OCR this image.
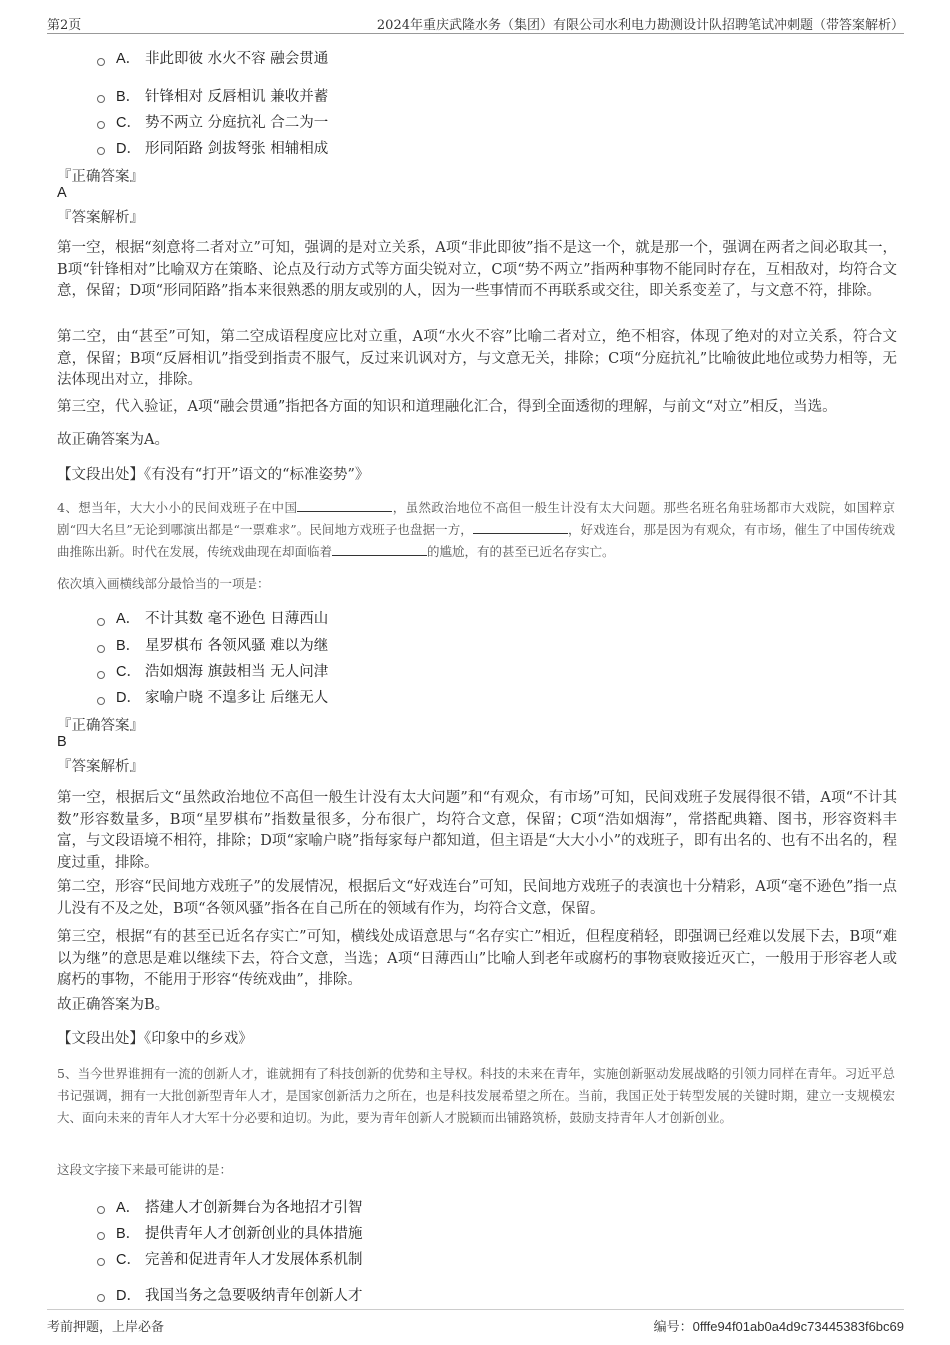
第2页	2024年重庆武隆水务（集团）有限公司水利电力勘测设计队招聘笔试冲刺题（带答案解析）
A． 非此即彼 水火不容 融会贯通
B． 针锋相对 反唇相讥 兼收并蓄
C． 势不两立 分庭抗礼 合二为一
D． 形同陌路 剑拔弩张 相辅相成
『正确答案』
A
『答案解析』
第一空，根据“刻意将二者对立”可知，强调的是对立关系，A项“非此即彼”指不是这一个，就是那一个，强调在两者之间必取其一，B项“针锋相对”比喻双方在策略、论点及行动方式等方面尖锐对立，C项“势不两立”指两种事物不能同时存在，互相敌对，均符合文意，保留；D项“形同陌路”指本来很熟悉的朋友或别的人，因为一些事情而不再联系或交往，即关系变差了，与文意不符，排除。
第二空，由“甚至”可知，第二空成语程度应比对立重，A项“水火不容”比喻二者对立，绝不相容，体现了绝对的对立关系，符合文意，保留；B项“反唇相讥”指受到指责不服气，反过来讥讽对方，与文意无关，排除；C项“分庭抗礼”比喻彼此地位或势力相等，无法体现出对立，排除。
第三空，代入验证，A项“融会贯通”指把各方面的知识和道理融化汇合，得到全面透彻的理解，与前文“对立”相反，当选。
故正确答案为A。
【文段出处】《有没有“打开”语文的“标准姿势”》
4、想当年，大大小小的民间戏班子在中国	，虽然政治地位不高但一般生计没有太大问题。那些名班名角驻场都市大戏院，如国粹京剧“四大名旦”无论到哪演出都是“一票难求”。民间地方戏班子也盘据一方，	，好戏连台，那是因为有观众，有市场，催生了中国传统戏曲推陈出新。时代在发展，传统戏曲现在却面临着	的尴尬，有的甚至已近名存实亡。
依次填入画横线部分最恰当的一项是：
A． 不计其数 毫不逊色 日薄西山
B． 星罗棋布 各领风骚 难以为继
C． 浩如烟海 旗鼓相当 无人问津
D． 家喻户晓 不遑多让 后继无人
『正确答案』
B
『答案解析』
第一空，根据后文“虽然政治地位不高但一般生计没有太大问题”和“有观众，有市场”可知，民间戏班子发展得很不错，A项“不计其数”形容数量多，B项“星罗棋布”指数量很多，分布很广，均符合文意，保留；C项“浩如烟海”，常搭配典籍、图书，形容资料丰富，与文段语境不相符，排除；D项“家喻户晓”指每家每户都知道，但主语是“大大小小”的戏班子，即有出名的、也有不出名的，程度过重，排除。
第二空，形容“民间地方戏班子”的发展情况，根据后文“好戏连台”可知，民间地方戏班子的表演也十分精彩，A项“毫不逊色”指一点儿没有不及之处，B项“各领风骚”指各在自己所在的领域有作为，均符合文意，保留。
第三空，根据“有的甚至已近名存实亡”可知，横线处成语意思与“名存实亡”相近，但程度稍轻，即强调已经难以发展下去，B项“难以为继”的意思是难以继续下去，符合文意，当选；A项“日薄西山”比喻人到老年或腐朽的事物衰败接近灭亡，一般用于形容老人或腐朽的事物，不能用于形容“传统戏曲”，排除。
故正确答案为B。
【文段出处】《印象中的乡戏》
5、当今世界谁拥有一流的创新人才，谁就拥有了科技创新的优势和主导权。科技的未来在青年，实施创新驱动发展战略的引领力同样在青年。习近平总书记强调，拥有一大批创新型青年人才，是国家创新活力之所在，也是科技发展希望之所在。当前，我国正处于转型发展的关键时期，建立一支规模宏大、面向未来的青年人才大军十分必要和迫切。为此，要为青年创新人才脱颖而出铺路筑桥，鼓励支持青年人才创新创业。
这段文字接下来最可能讲的是：
A． 搭建人才创新舞台为各地招才引智
B． 提供青年人才创新创业的具体措施
C． 完善和促进青年人才发展体系机制
D． 我国当务之急要吸纳青年创新人才
考前押题，上岸必备	编号：0fffe94f01ab0a4d9c73445383f6bc69
